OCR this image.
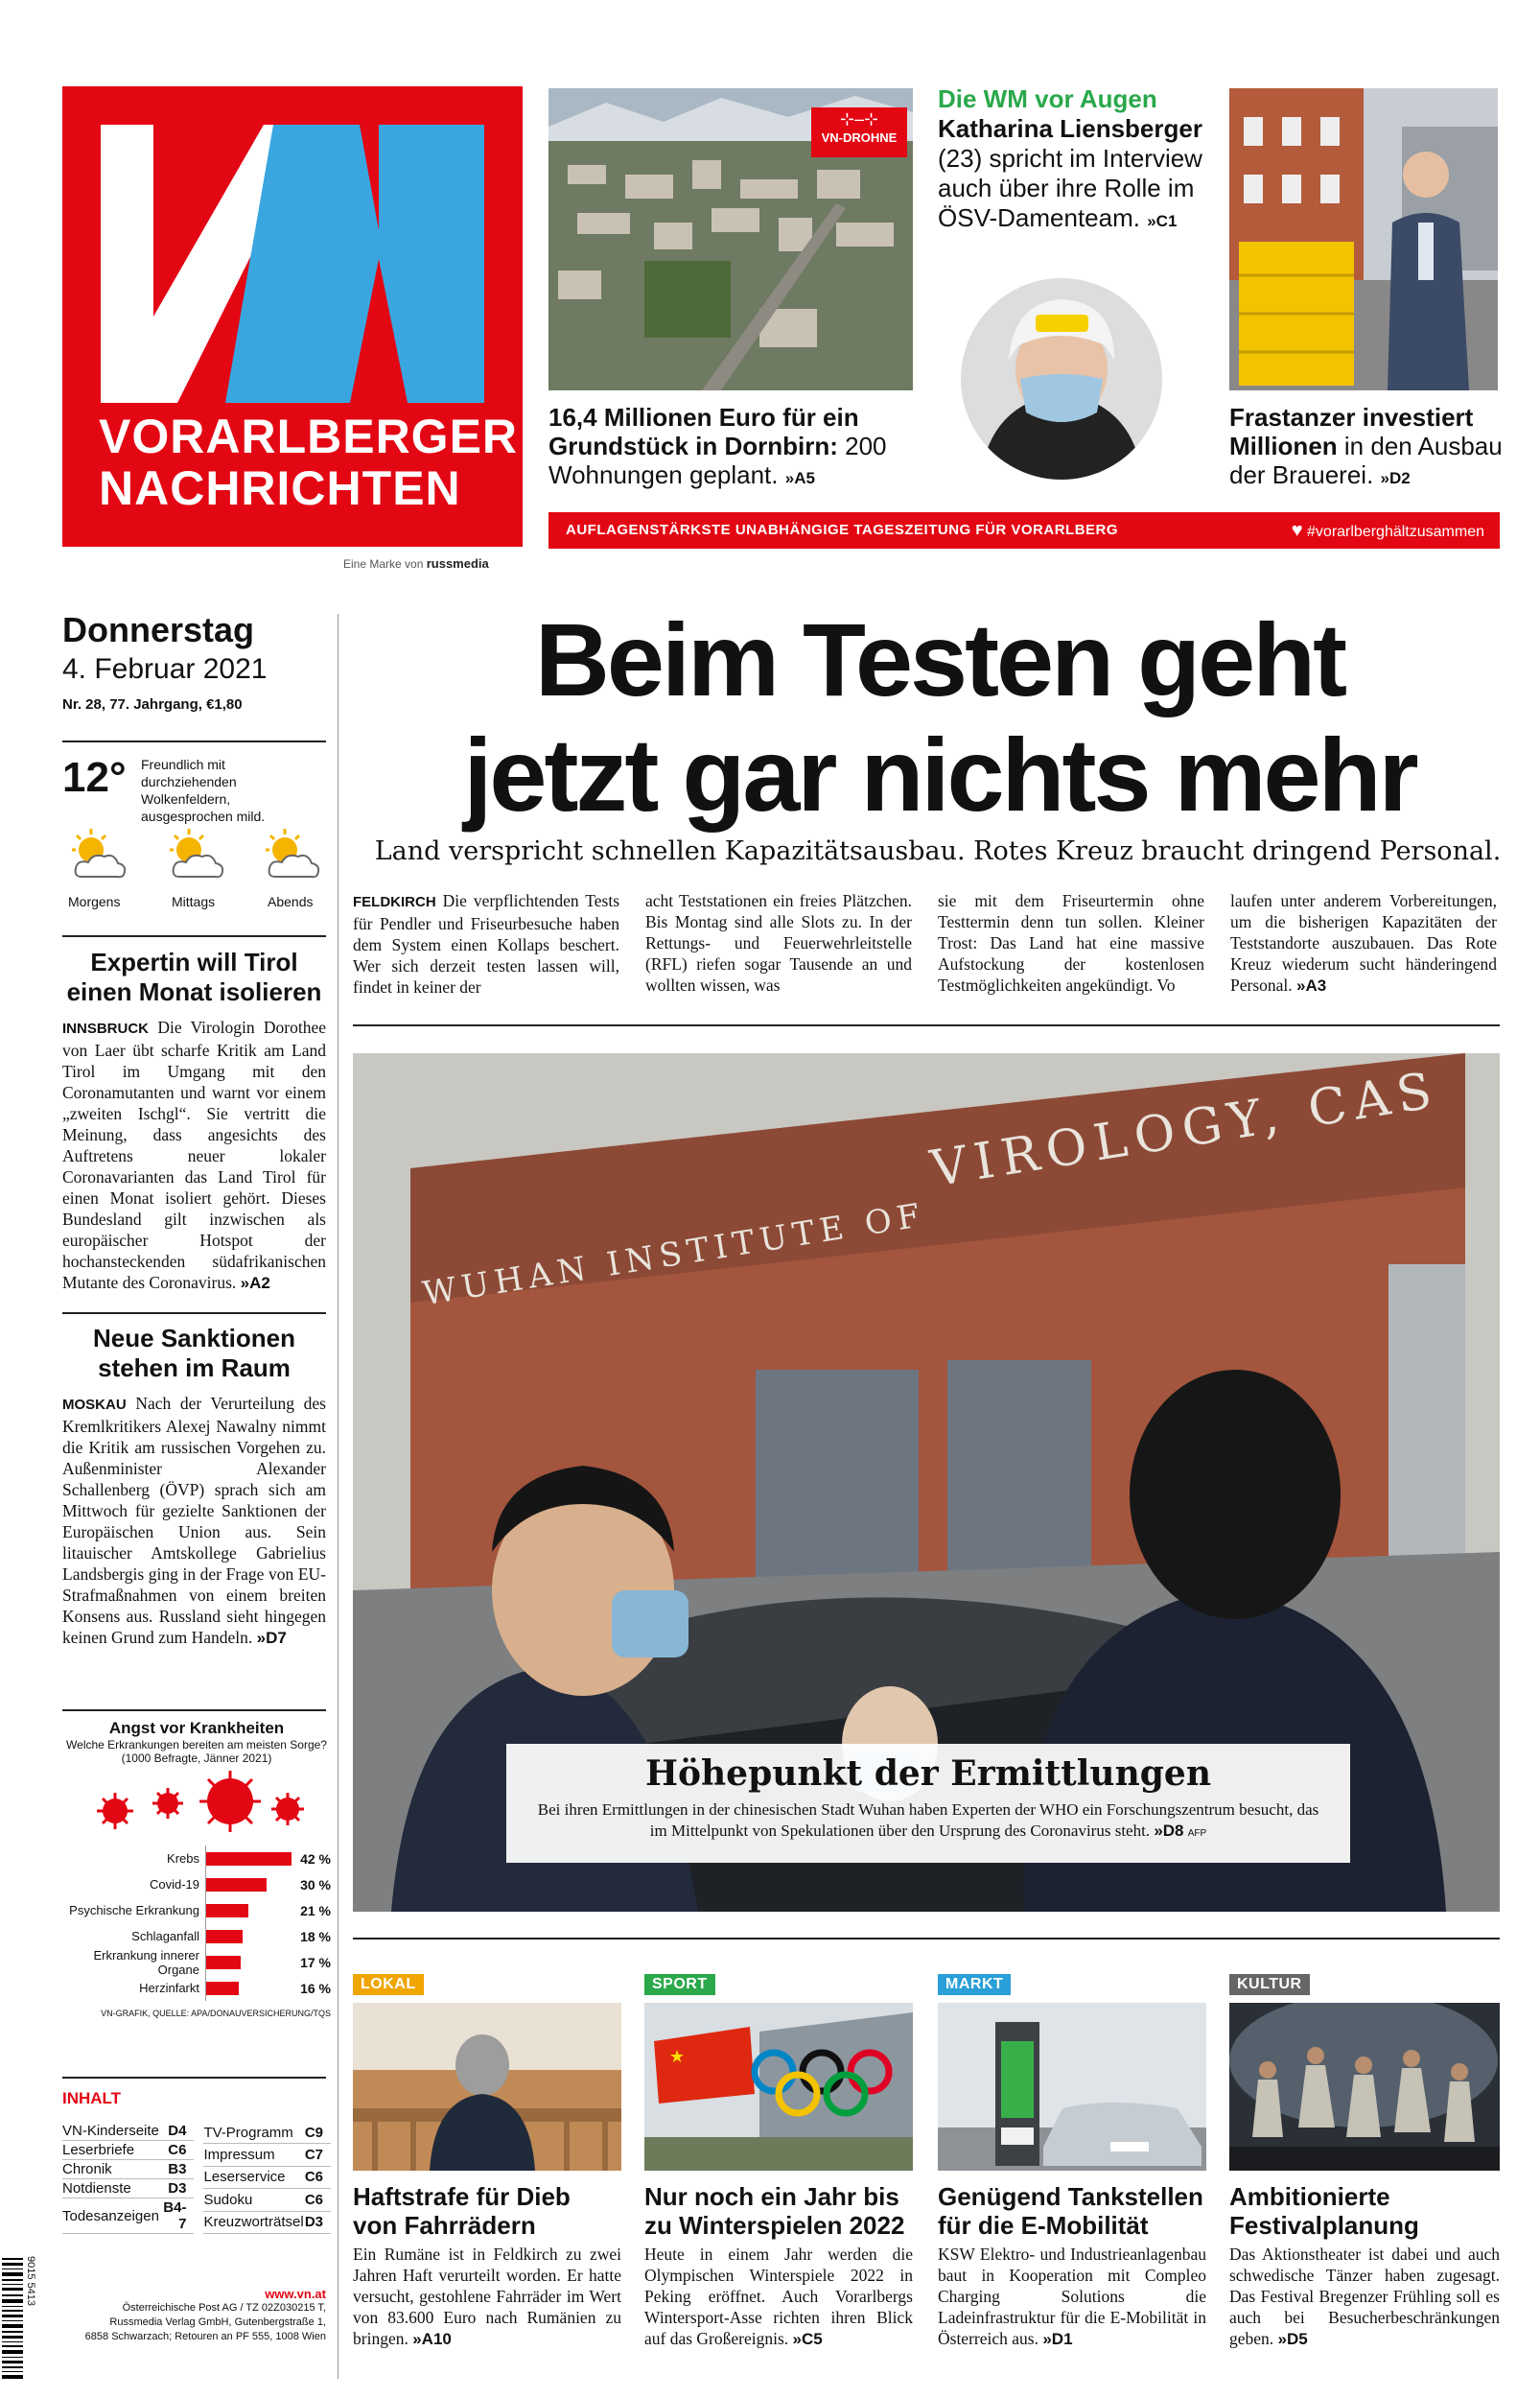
VORARLBERGER
NACHRICHTEN
Eine Marke von russmedia
⊹‒⊹
VN-DROHNE
16,4 Millionen Euro für ein Grundstück in Dornbirn: 200 Wohnungen geplant. »A5
Die WM vor Augen
Katharina Liensberger (23) spricht im Interview auch über ihre Rolle im ÖSV-Damenteam. »C1
Frastanzer investiert Millionen in den Ausbau der Brauerei. »D2
AUFLAGENSTÄRKSTE UNABHÄNGIGE TAGESZEITUNG FÜR VORARLBERG	♥ #vorarlberghältzusammen
Donnerstag
4. Februar 2021
Nr. 28, 77. Jahrgang, €1,80
12° Freundlich mit durchziehenden Wolkenfeldern, ausgesprochen mild.
Morgens	Mittags	Abends
Expertin will Tirol einen Monat isolieren

INNSBRUCK Die Virologin Dorothee von Laer übt scharfe Kritik am Land Tirol im Umgang mit den Coronamutanten und warnt vor einem „zweiten Ischgl“. Sie vertritt die Meinung, dass angesichts des Auftretens neuer lokaler Coronavarianten das Land Tirol für einen Monat isoliert gehört. Dieses Bundesland gilt inzwischen als europäischer Hotspot der hochansteckenden südafrikanischen Mutante des Coronavirus. »A2

Neue Sanktionen stehen im Raum

MOSKAU Nach der Verurteilung des Kremlkritikers Alexej Nawalny nimmt die Kritik am russischen Vorgehen zu. Außenminister Alexander Schallenberg (ÖVP) sprach sich am Mittwoch für gezielte Sanktionen der Europäischen Union aus. Sein litauischer Amtskollege Gabrielius Landsbergis ging in der Frage von EU-Strafmaßnahmen von einem breiten Konsens aus. Russland sieht hingegen keinen Grund zum Handeln. »D7

Angst vor Krankheiten
Welche Erkrankungen bereiten am meisten Sorge?
(1000 Befragte, Jänner 2021)
Krebs	42 %
Covid-19	30 %
Psychische Erkrankung	21 %
Schlaganfall	18 %
Erkrankung innerer Organe	17 %
Herzinfarkt	16 %
VN-GRAFIK, QUELLE: APA/DONAUVERSICHERUNG/TQS
INHALT
VN-Kinderseite	D4
Leserbriefe	C6
Chronik	B3
Notdienste	D3
Todesanzeigen	B4-7
TV-Programm	C9
Impressum	C7
Leserservice	C6
Sudoku	C6
Kreuzworträtsel	D3
9015 5413	www.vn.at
Österreichische Post AG / TZ 02Z030215 T,
Russmedia Verlag GmbH, Gutenbergstraße 1,
6858 Schwarzach; Retouren an PF 555, 1008 Wien
Beim Testen geht
jetzt gar nichts mehr
Land verspricht schnellen Kapazitätsausbau. Rotes Kreuz braucht dringend Personal.

FELDKIRCH Die verpflichtenden Tests für Pendler und Friseurbesuche haben dem System einen Kollaps beschert. Wer sich derzeit testen lassen will, findet in keiner der

acht Teststationen ein freies Plätzchen. Bis Montag sind alle Slots zu. In der Rettungs- und Feuerwehrleitstelle (RFL) riefen sogar Tausende an und wollten wissen, was

sie mit dem Friseurtermin ohne Testtermin denn tun sollen. Kleiner Trost: Das Land hat eine massive Aufstockung der kostenlosen Testmöglichkeiten angekündigt. Vo

laufen unter anderem Vorbereitungen, um die bisherigen Kapazitäten der Teststandorte auszubauen. Das Rote Kreuz wiederum sucht händeringend Personal. »A3

VIROLOGY, CAS
WUHAN INSTITUTE OF
Höhepunkt der Ermittlungen
Bei ihren Ermittlungen in der chinesischen Stadt Wuhan haben Experten der WHO ein Forschungszentrum besucht, das im Mittelpunkt von Spekulationen über den Ursprung des Coronavirus steht. »D8 AFP
LOKAL
Haftstrafe für Dieb von Fahrrädern

Ein Rumäne ist in Feldkirch zu zwei Jahren Haft verurteilt worden. Er hatte versucht, gestohlene Fahrräder im Wert von 83.600 Euro nach Rumänien zu bringen. »A10

SPORT
★
Nur noch ein Jahr bis zu Winterspielen 2022

Heute in einem Jahr werden die Olympischen Winterspiele 2022 in Peking eröffnet. Auch Vorarlbergs Wintersport-Asse richten ihren Blick auf das Großereignis. »C5

MARKT
Genügend Tankstellen für die E-Mobilität

KSW Elektro- und Industrieanlagenbau baut in Kooperation mit Compleo Charging Solutions die Ladeinfrastruktur für die E-Mobilität in Österreich aus. »D1

KULTUR
Ambitionierte Festivalplanung

Das Aktionstheater ist dabei und auch schwedische Tänzer haben zugesagt. Das Festival Bregenzer Frühling soll es auch bei Besucherbeschränkungen geben. »D5
